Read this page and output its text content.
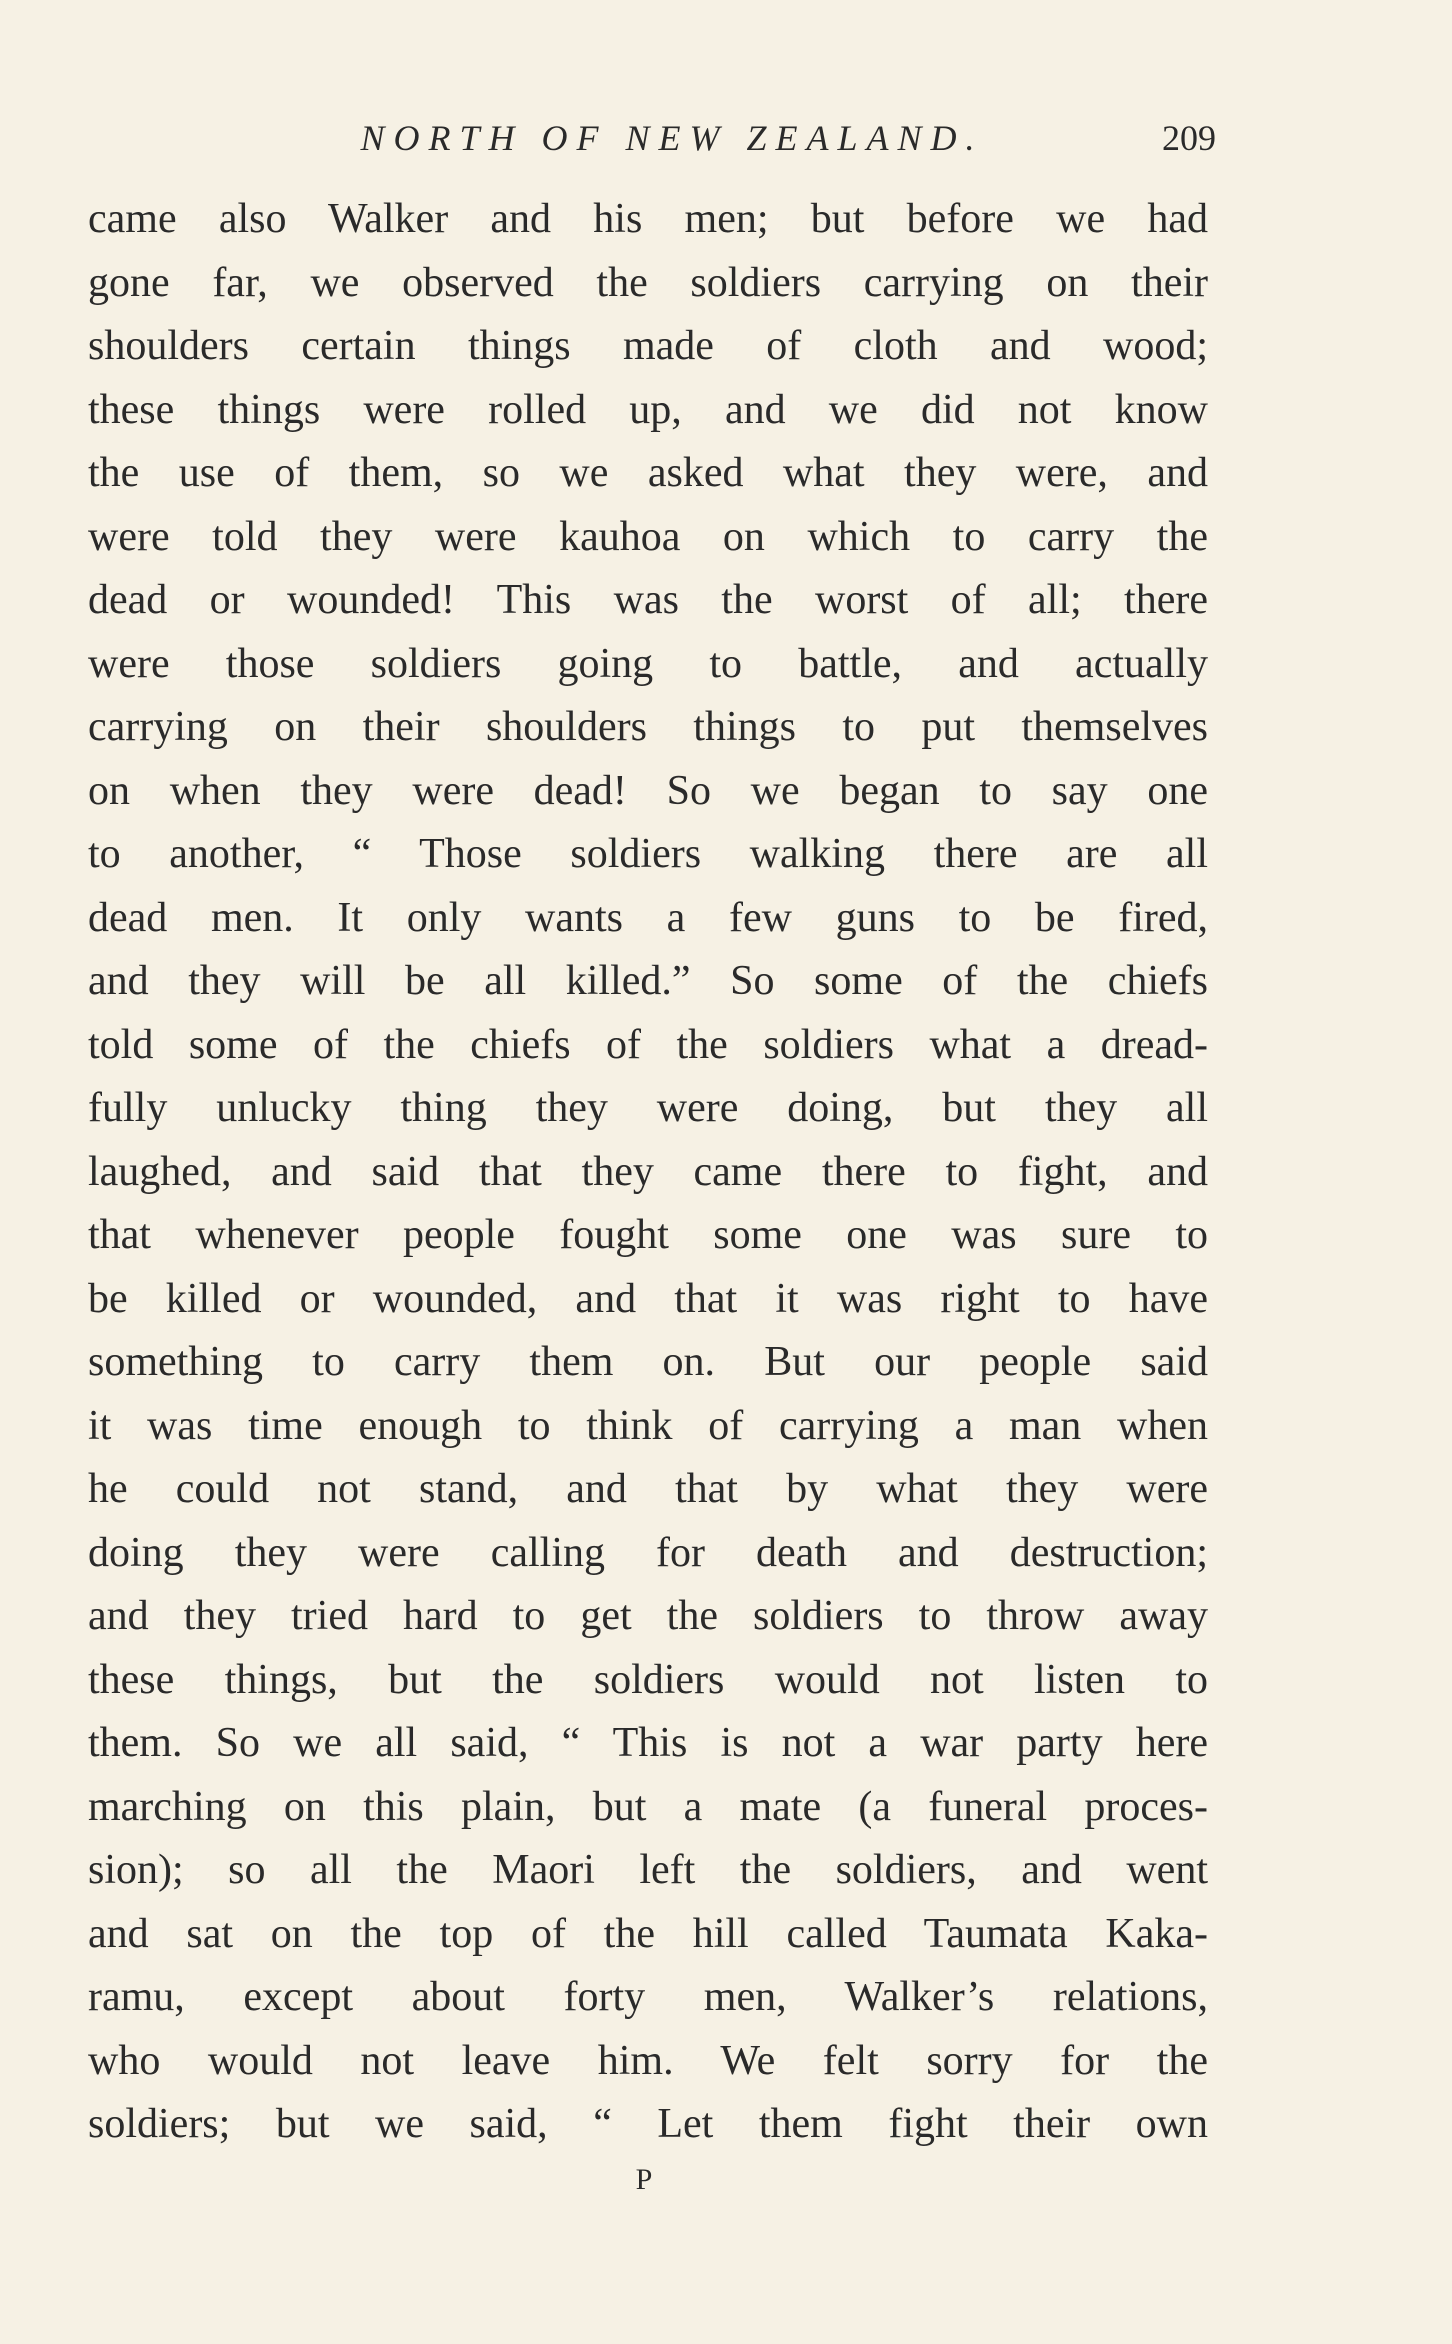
NORTH OF NEW ZEALAND.	209
came also Walker and his men; but before we had
gone far, we observed the soldiers carrying on their
shoulders certain things made of cloth and wood;
these things were rolled up, and we did not know
the use of them, so we asked what they were, and
were told they were kauhoa on which to carry the
dead or wounded! This was the worst of all; there
were those soldiers going to battle, and actually
carrying on their shoulders things to put themselves
on when they were dead! So we began to say one
to another, “ Those soldiers walking there are all
dead men. It only wants a few guns to be fired,
and they will be all killed.” So some of the chiefs
told some of the chiefs of the soldiers what a dread-
fully unlucky thing they were doing, but they all
laughed, and said that they came there to fight, and
that whenever people fought some one was sure to
be killed or wounded, and that it was right to have
something to carry them on. But our people said
it was time enough to think of carrying a man when
he could not stand, and that by what they were
doing they were calling for death and destruction;
and they tried hard to get the soldiers to throw away
these things, but the soldiers would not listen to
them. So we all said, “ This is not a war party here
marching on this plain, but a mate (a funeral proces-
sion); so all the Maori left the soldiers, and went
and sat on the top of the hill called Taumata Kaka-
ramu, except about forty men, Walker’s relations,
who would not leave him. We felt sorry for the
soldiers; but we said, “ Let them fight their own
P
